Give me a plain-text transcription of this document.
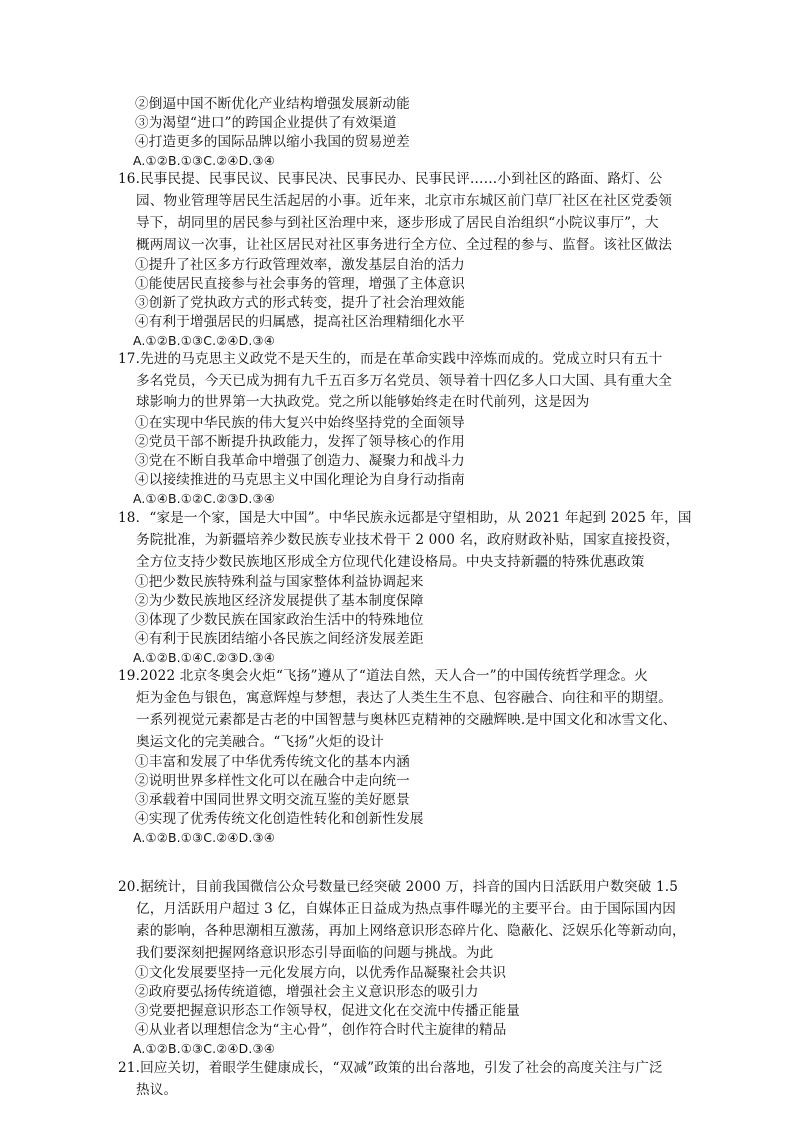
②倒逼中国不断优化产业结构增强发展新动能
③为渴望“进口”的跨国企业提供了有效渠道
④打造更多的国际品牌以缩小我国的贸易逆差
A.①②B.①③C.②④D.③④
16.民事民提、民事民议、民事民决、民事民办、民事民评……小到社区的路面、路灯、公
园、物业管理等居民生活起居的小事。近年来，北京市东城区前门草厂社区在社区党委领
导下，胡同里的居民参与到社区治理中来，逐步形成了居民自治组织“小院议事厅”，大
概两周议一次事，让社区居民对社区事务进行全方位、全过程的参与、监督。该社区做法
①提升了社区多方行政管理效率，激发基层自治的活力
①能使居民直接参与社会事务的管理，增强了主体意识
③创新了党执政方式的形式转变，提升了社会治理效能
④有利于增强居民的归属感，提高社区治理精细化水平
A.①②B.①③C.②④D.③④
17.先进的马克思主义政党不是天生的，而是在革命实践中淬炼而成的。党成立时只有五十
多名党员，今天已成为拥有九千五百多万名党员、领导着十四亿多人口大国、具有重大全
球影响力的世界第一大执政党。党之所以能够始终走在时代前列，这是因为
①在实现中华民族的伟大复兴中始终坚持党的全面领导
②党员干部不断提升执政能力，发挥了领导核心的作用
③党在不断自我革命中增强了创造力、凝聚力和战斗力
④以接续推进的马克思主义中国化理论为自身行动指南
A.①④B.①②C.②③D.③④
18．“家是一个家，国是大中国”。中华民族永远都是守望相助，从 2021 年起到 2025 年，国
务院批准，为新疆培养少数民族专业技术骨干 2 000 名，政府财政补贴，国家直接投资，
全方位支持少数民族地区形成全方位现代化建设格局。中央支持新疆的特殊优惠政策
①把少数民族特殊利益与国家整体利益协调起来
②为少数民族地区经济发展提供了基本制度保障
③体现了少数民族在国家政治生活中的特殊地位
④有利于民族团结缩小各民族之间经济发展差距
A.①②B.①④C.②③D.③④
19.2022 北京冬奥会火炬“飞扬”遵从了“道法自然，天人合一”的中国传统哲学理念。火
炬为金色与银色，寓意辉煌与梦想，表达了人类生生不息、包容融合、向往和平的期望。
一系列视觉元素都是古老的中国智慧与奥林匹克精神的交融辉映.是中国文化和冰雪文化、
奥运文化的完美融合。“飞扬”火炬的设计
①丰富和发展了中华优秀传统文化的基本内涵
②说明世界多样性文化可以在融合中走向统一
③承载着中国同世界文明交流互鉴的美好愿景
④实现了优秀传统文化创造性转化和创新性发展
A.①②B.①③C.②④D.③④
20.据统计，目前我国微信公众号数量已经突破 2000 万，抖音的国内日活跃用户数突破 1.5
亿，月活跃用户超过 3 亿，自媒体正日益成为热点事件曝光的主要平台。由于国际国内因
素的影响，各种思潮相互激荡，再加上网络意识形态碎片化、隐蔽化、泛娱乐化等新动向，
我们要深刻把握网络意识形态引导面临的问题与挑战。为此
①文化发展要坚持一元化发展方向，以优秀作品凝聚社会共识
②政府要弘扬传统道德，增强社会主义意识形态的吸引力
③党要把握意识形态工作领导权，促进文化在交流中传播正能量
④从业者以理想信念为“主心骨”，创作符合时代主旋律的精品
A.①②B.①③C.②④D.③④
21.回应关切，着眼学生健康成长，“双减”政策的出台落地，引发了社会的高度关注与广泛
热议。
